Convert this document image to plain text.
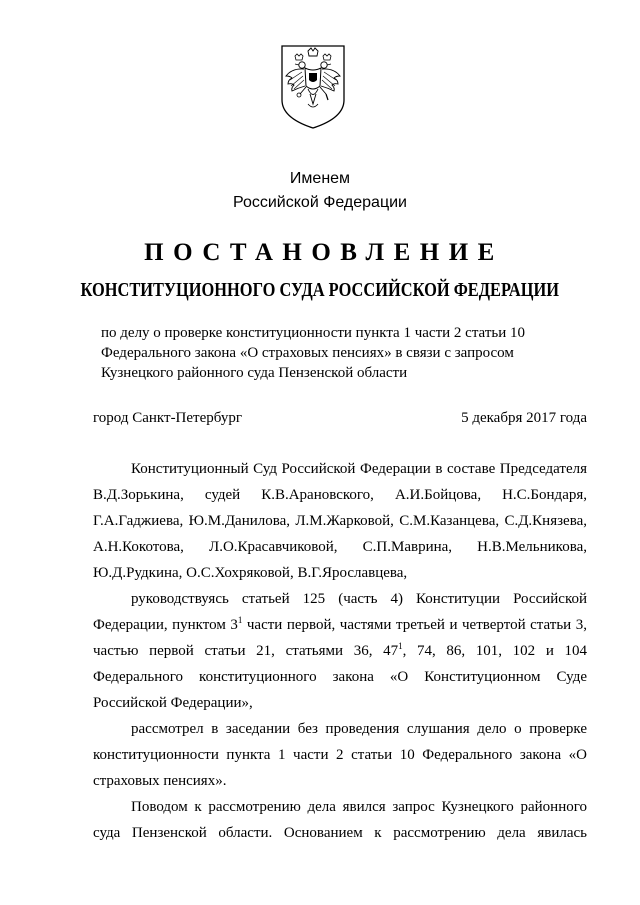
Именем
Российской Федерации
ПОСТАНОВЛЕНИЕ
КОНСТИТУЦИОННОГО СУДА РОССИЙСКОЙ ФЕДЕРАЦИИ
по делу о проверке конституционности пункта 1 части 2 статьи 10
Федерального закона «О страховых пенсиях» в связи с запросом
Кузнецкого районного суда Пензенской области
город Санкт-Петербург	5 декабря 2017 года
Конституционный Суд Российской Федерации в составе Председателя
В.Д.Зорькина, судей К.В.Арановского, А.И.Бойцова, Н.С.Бондаря,
Г.А.Гаджиева, Ю.М.Данилова, Л.М.Жарковой, С.М.Казанцева, С.Д.Князева,
А.Н.Кокотова, Л.О.Красавчиковой, С.П.Маврина, Н.В.Мельникова,
Ю.Д.Рудкина, О.С.Хохряковой, В.Г.Ярославцева,
руководствуясь статьей 125 (часть 4) Конституции Российской
Федерации, пунктом $3^1$ части первой, частями третьей и четвертой статьи 3,
частью первой статьи 21, статьями 36, $47^1$, 74, 86, 101, 102 и 104
Федерального конституционного закона «О Конституционном Суде
Российской Федерации»,
рассмотрел в заседании без проведения слушания дело о проверке
конституционности пункта 1 части 2 статьи 10 Федерального закона «О
страховых пенсиях».
Поводом к рассмотрению дела явился запрос Кузнецкого районного
суда Пензенской области. Основанием к рассмотрению дела явилась
